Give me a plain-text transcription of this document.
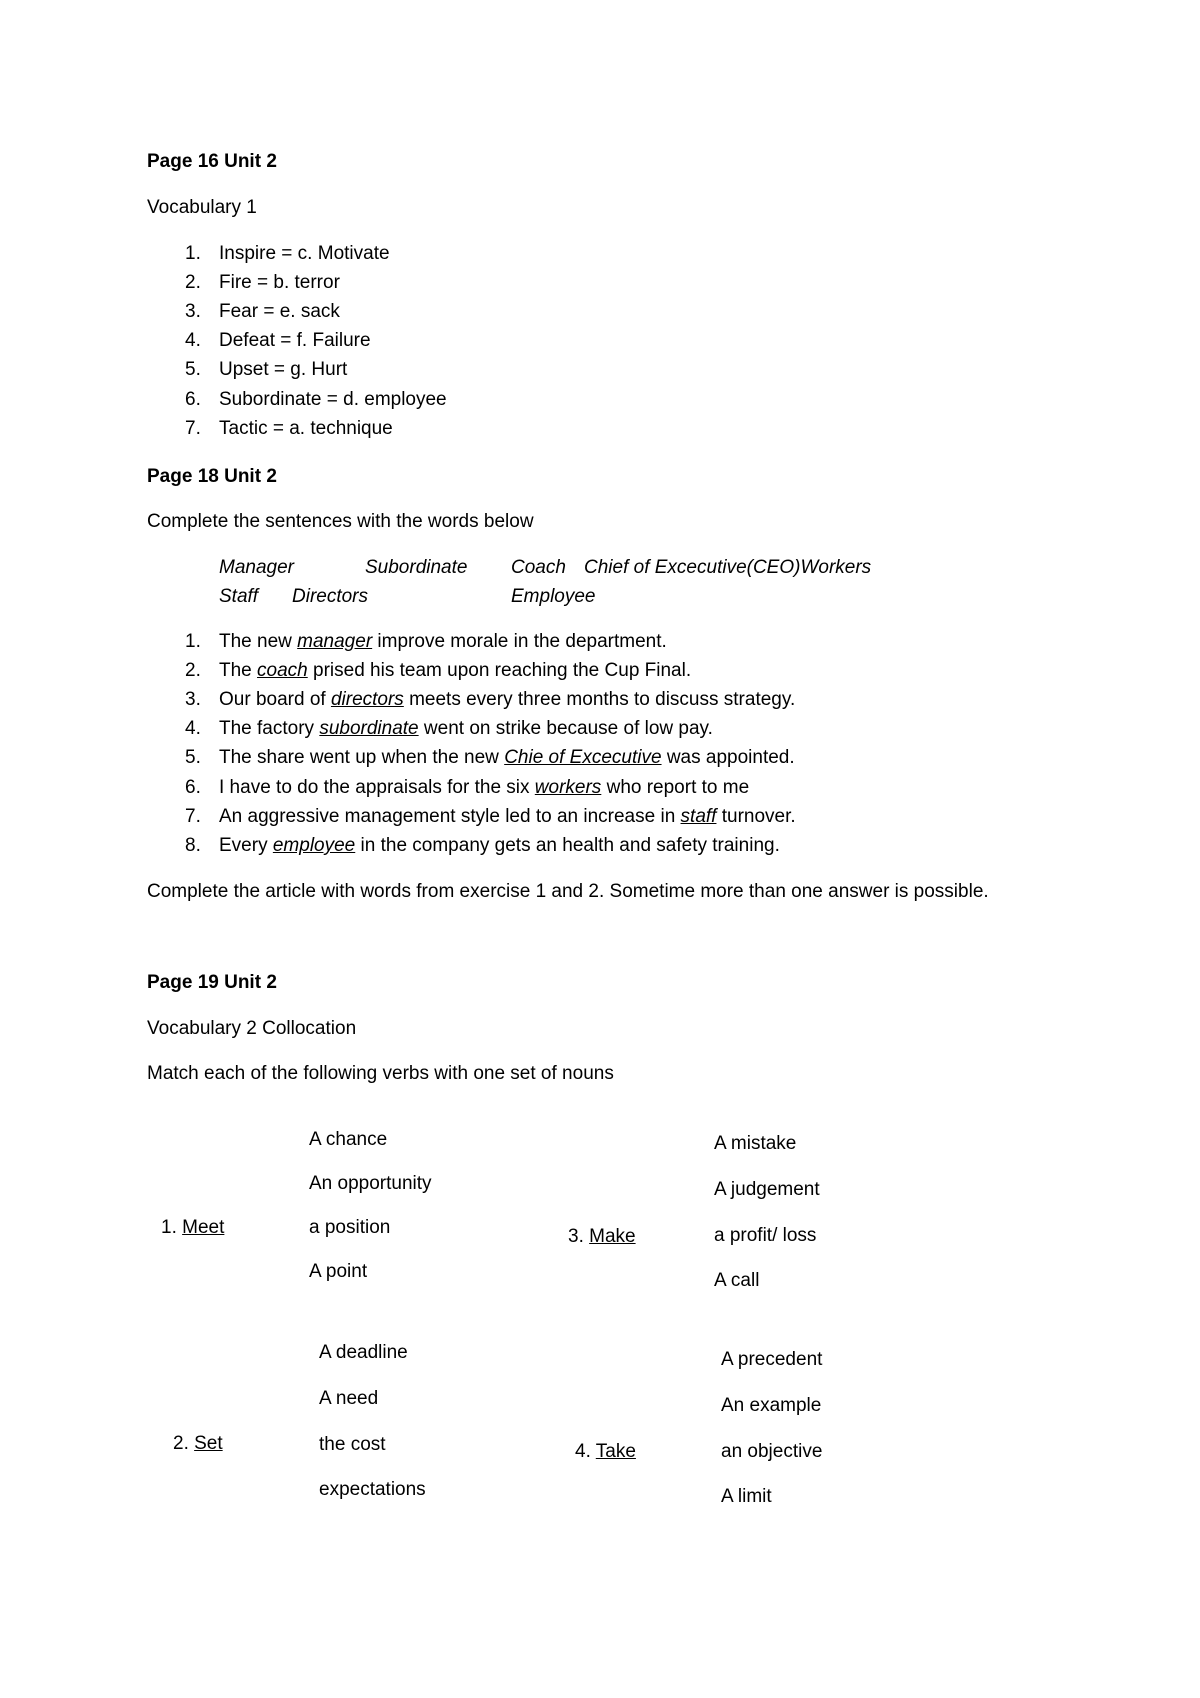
Page 16 Unit 2
Vocabulary 1
1. Inspire = c. Motivate
2. Fire = b. terror
3. Fear = e. sack
4. Defeat = f. Failure
5. Upset = g. Hurt
6. Subordinate = d. employee
7. Tactic = a. technique
Page 18 Unit 2
Complete the sentences with the words below
Manager	Subordinate Coach Chief of Excecutive(CEO)Workers
Staff Directors	Employee
1. The new manager improve morale in the department.
2. The coach prised his team upon reaching the Cup Final.
3. Our board of directors meets every three months to discuss strategy.
4. The factory subordinate went on strike because of low pay.
5. The share went up when the new Chie of Excecutive was appointed.
6. I have to do the appraisals for the six workers who report to me
7. An aggressive management style led to an increase in staff turnover.
8. Every employee in the company gets an health and safety training.
Complete the article with words from exercise 1 and 2. Sometime more than one answer is possible.
Page 19 Unit 2
Vocabulary 2 Collocation
Match each of the following verbs with one set of nouns
1. Meet
A chance
An opportunity
a position
A point
3. Make
A mistake
A judgement
a profit/ loss
A call
2. Set
A deadline
A need
the cost
expectations
4. Take
A precedent
An example
an objective
A limit
